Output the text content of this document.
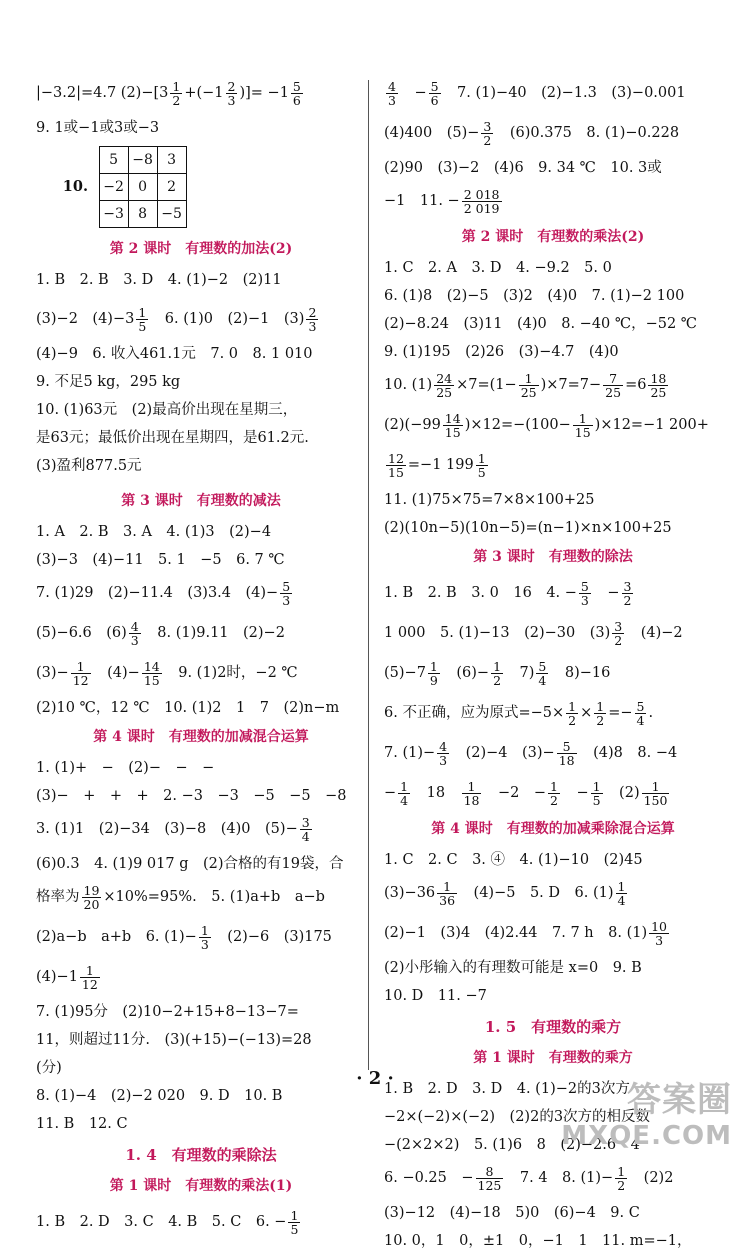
|−3.2|=4.7 $(2)-[3 \frac{1}{2} +(-1 \frac{2}{3}$ )]= $-1 \frac{5}{6}$
9. 1或−1或3或−3
10. 5	−8	3
−2	0	2
−3	8	−5
第 2 课时　有理数的加法(2)
1. B　2. B　3. D　4. (1)−2　(2)11
(3)−2　$(4)-3 \frac{1}{5}$ 　6. (1)0　(2)−1　$(3) \frac{2}{3}$
(4)−9　6. 收入461.1元　7. 0　8. 1 010
9. 不足5 kg，295 kg
10. (1)63元　(2)最高价出现在星期三，
是63元；最低价出现在星期四，是61.2元.
(3)盈利877.5元
第 3 课时　有理数的减法
1. A　2. B　3. A　4. (1)3　(2)−4
(3)−3　(4)−11　5. 1　−5　6. 7 ℃
7. (1)29　(2)−11.4　(3)3.4　$(4)- \frac{5}{3}$
(5)−6.6　$(6) \frac{4}{3}$ 　8. (1)9.11　(2)−2
$(3)- \frac{1}{12}$ 　$(4)- \frac{14}{15}$ 　9. (1)2时，−2 ℃
(2)10 ℃，12 ℃　10. (1)2　1　7　(2)n−m
第 4 课时　有理数的加减混合运算
1. (1)+　−　(2)−　−　−
(3)−　+　+　+　2. −3　−3　−5　−5　−8
3. (1)1　(2)−34　(3)−8　(4)0　$(5)- \frac{3}{4}$
(6)0.3　4. (1)9 017 g　(2)合格的有19袋，合
格率为 $\frac{19}{20} \times 10\%=95\%$.　5. (1)a+b　a−b
(2)a−b　a+b　6. $(1)- \frac{1}{3}$ 　(2)−6　(3)175
$(4)-1 \frac{1}{12}$
7. (1)95分　(2)10−2+15+8−13−7=
11，则超过11分.　(3)(+15)−(−13)=28
(分)
8. (1)−4　(2)−2 020　9. D　10. B
11. B　12. C
1. 4　有理数的乘除法
第 1 课时　有理数的乘法(1)
1. B　2. D　3. C　4. B　5. C　6. − $\frac{1}{5}$
$\frac{4}{3}$ 　− $\frac{5}{6}$ 　7. (1)−40　(2)−1.3　(3)−0.001
(4)400　$(5)- \frac{3}{2}$ 　(6)0.375　8. (1)−0.228
(2)90　(3)−2　(4)6　9. 34 ℃　10. 3或
−1　11. − $\frac{2 018}{2 019}$
第 2 课时　有理数的乘法(2)
1. C　2. A　3. D　4. −9.2　5. 0
6. (1)8　(2)−5　(3)2　(4)0　7. (1)−2 100
(2)−8.24　(3)11　(4)0　8. −40 ℃，−52 ℃
9. (1)195　(2)26　(3)−4.7　(4)0
10. $(1) \frac{24}{25} \times 7=(1- \frac{1}{25} )\times 7=7- \frac{7}{25} =6 \frac{18}{25}$
$(2)(-99 \frac{14}{15} )\times 12=-(100- \frac{1}{15} )\times 12=-1$ 200+
$\frac{12}{15} =-1$ $199 \frac{1}{5}$
11. (1)75×75=7×8×100+25
(2)(10n−5)(10n−5)=(n−1)×n×100+25
第 3 课时　有理数的除法
1. B　2. B　3. 0　16　4. − $\frac{5}{3}$ 　− $\frac{3}{2}$
1 000　5. (1)−13　(2)−30　$(3) \frac{3}{2}$ 　(4)−2
$(5)-7 \frac{1}{9}$ 　$(6)- \frac{1}{2}$ 　$7) \frac{5}{4}$ 　8)−16
6. 不正确，应为原式$=-5\times \frac{1}{2} \times \frac{1}{2} =- \frac{5}{4}$ .
7. $(1)- \frac{4}{3}$ 　(2)−4　$(3)- \frac{5}{18}$ 　(4)8　8. −4
− $\frac{1}{4}$ 　18　 $\frac{1}{18}$ 　−2　− $\frac{1}{2}$ 　− $\frac{1}{5}$ 　$(2) \frac{1}{150}$
第 4 课时　有理数的加减乘除混合运算
1. C　2. C　3. ④　4. (1)−10　(2)45
$(3)-36 \frac{1}{36}$ 　(4)−5　5. D　6. $(1) \frac{1}{4}$
(2)−1　(3)4　(4)2.44　7. 7 h　8. $(1) \frac{10}{3}$
(2)小彤输入的有理数可能是 x=0　9. B
10. D　11. −7
1. 5　有理数的乘方
第 1 课时　有理数的乘方
1. B　2. D　3. D　4. (1)−2的3次方
−2×(−2)×(−2)　(2)2的3次方的相反数
−(2×2×2)　5. (1)6　8　(2)−2.6　4
6. −0.25　− $\frac{8}{125}$ 　7. 4　8. $(1)- \frac{1}{2}$ 　(2)2
(3)−12　(4)−18　5)0　(6)−4　9. C
10. 0，1　0，±1　0，−1　1　11. m=−1，
· 2 ·
答案圈
MXQE.COM
